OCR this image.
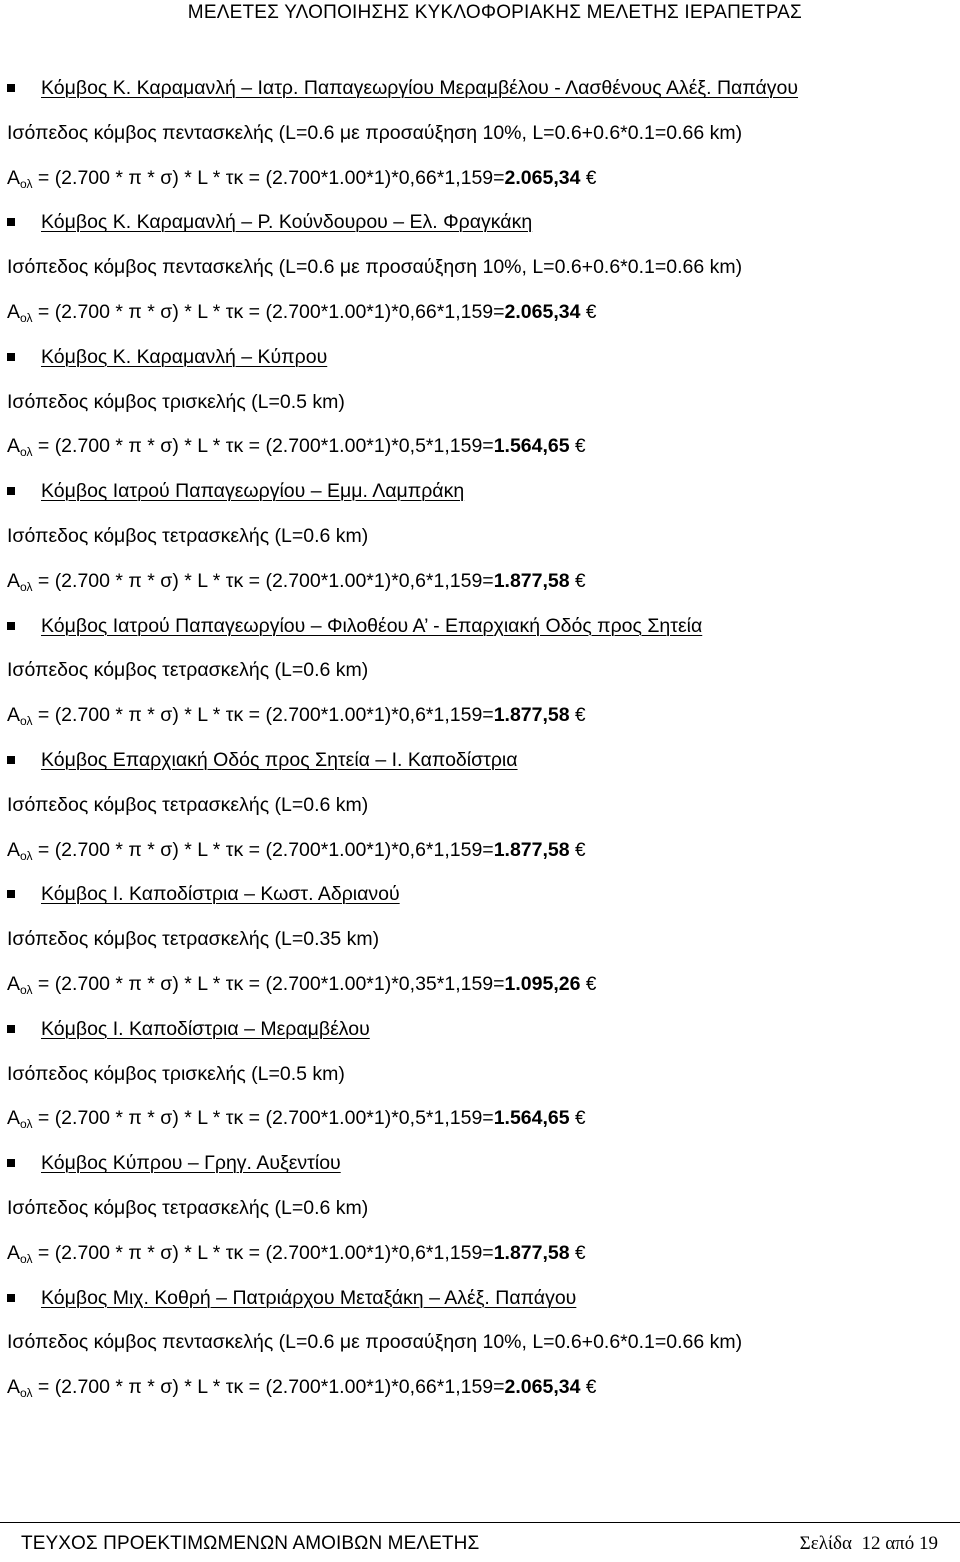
ΜΕΛΕΤΕΣ ΥΛΟΠΟΙΗΣΗΣ ΚΥΚΛΟΦΟΡΙΑΚΗΣ ΜΕΛΕΤΗΣ ΙΕΡΑΠΕΤΡΑΣ
Κόμβος Κ. Καραμανλή – Ιατρ. Παπαγεωργίου Μεραμβέλου - Λασθένους Αλέξ. Παπάγου
Ισόπεδος κόμβος πεντασκελής (L=0.6 με προσαύξηση 10%, L=0.6+0.6*0.1=0.66 km)
$A_{o\lambda} = (2.700 * \pi * \sigma) * L * \tau\kappa = (2.700*1.00*1)*0,66*1,159=2.065,34$ €
Κόμβος Κ. Καραμανλή – Ρ. Κούνδουρου – Ελ. Φραγκάκη
Ισόπεδος κόμβος πεντασκελής (L=0.6 με προσαύξηση 10%, L=0.6+0.6*0.1=0.66 km)
$A_{o\lambda} = (2.700 * \pi * \sigma) * L * \tau\kappa = (2.700*1.00*1)*0,66*1,159=2.065,34$ €
Κόμβος Κ. Καραμανλή – Κύπρου
Ισόπεδος κόμβος τρισκελής (L=0.5 km)
$A_{o\lambda} = (2.700 * \pi * \sigma) * L * \tau\kappa = (2.700*1.00*1)*0,5*1,159=1.564,65$ €
Κόμβος Ιατρού Παπαγεωργίου – Εμμ. Λαμπράκη
Ισόπεδος κόμβος τετρασκελής (L=0.6 km)
$A_{o\lambda} = (2.700 * \pi * \sigma) * L * \tau\kappa = (2.700*1.00*1)*0,6*1,159=1.877,58$ €
Κόμβος Ιατρού Παπαγεωργίου – Φιλοθέου Α’ - Επαρχιακή Οδός προς Σητεία
Ισόπεδος κόμβος τετρασκελής (L=0.6 km)
$A_{o\lambda} = (2.700 * \pi * \sigma) * L * \tau\kappa = (2.700*1.00*1)*0,6*1,159=1.877,58$ €
Κόμβος Επαρχιακή Οδός προς Σητεία – Ι. Καποδίστρια
Ισόπεδος κόμβος τετρασκελής (L=0.6 km)
$A_{o\lambda} = (2.700 * \pi * \sigma) * L * \tau\kappa = (2.700*1.00*1)*0,6*1,159=1.877,58$ €
Κόμβος Ι. Καποδίστρια – Κωστ. Αδριανού
Ισόπεδος κόμβος τετρασκελής (L=0.35 km)
$A_{o\lambda} = (2.700 * \pi * \sigma) * L * \tau\kappa = (2.700*1.00*1)*0,35*1,159=1.095,26$ €
Κόμβος Ι. Καποδίστρια – Μεραμβέλου
Ισόπεδος κόμβος τρισκελής (L=0.5 km)
$A_{o\lambda} = (2.700 * \pi * \sigma) * L * \tau\kappa = (2.700*1.00*1)*0,5*1,159=1.564,65$ €
Κόμβος Κύπρου – Γρηγ. Αυξεντίου
Ισόπεδος κόμβος τετρασκελής (L=0.6 km)
$A_{o\lambda} = (2.700 * \pi * \sigma) * L * \tau\kappa = (2.700*1.00*1)*0,6*1,159=1.877,58$ €
Κόμβος Μιχ. Κοθρή – Πατριάρχου Μεταξάκη – Αλέξ. Παπάγου
Ισόπεδος κόμβος πεντασκελής (L=0.6 με προσαύξηση 10%, L=0.6+0.6*0.1=0.66 km)
$A_{o\lambda} = (2.700 * \pi * \sigma) * L * \tau\kappa = (2.700*1.00*1)*0,66*1,159=2.065,34$ €
ΤΕΥΧΟΣ ΠΡΟΕΚΤΙΜΩΜΕΝΩΝ ΑΜΟΙΒΩΝ ΜΕΛΕΤΗΣ	Σελίδα 12 από 19
